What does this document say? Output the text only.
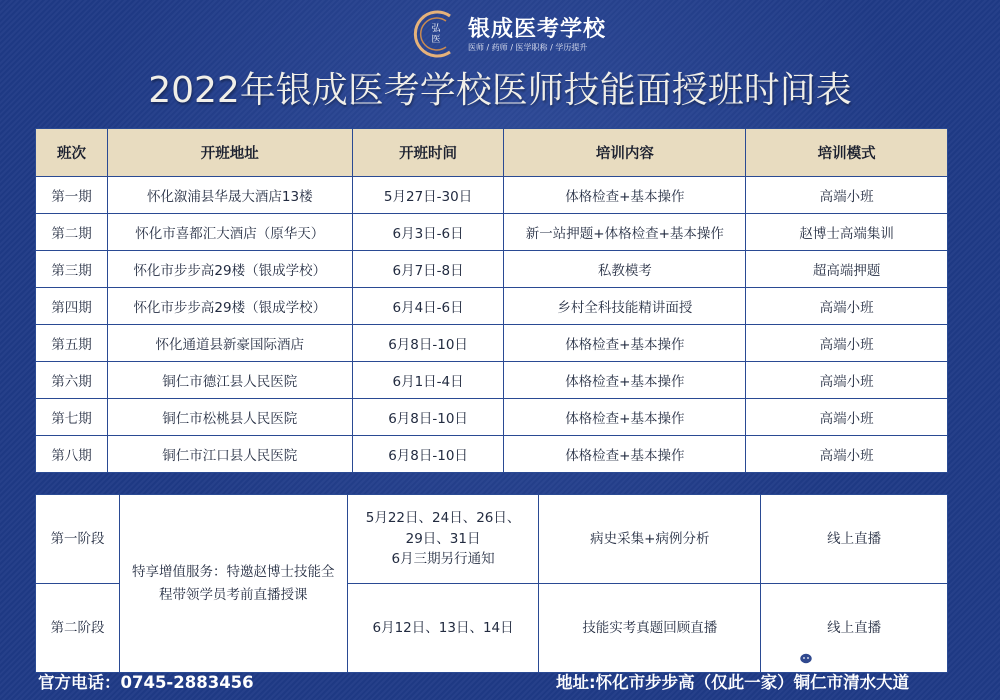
弘
医 银成医考学校
医师 / 药师 / 医学职称 / 学历提升
2022年银成医考学校医师技能面授班时间表
班次	开班地址	开班时间	培训内容	培训模式
第一期	怀化溆浦县华晟大酒店13楼	5月27日-30日	体格检查+基本操作	高端小班
第二期	怀化市喜都汇大酒店（原华天）	6月3日-6日	新一站押题+体格检查+基本操作	赵博士高端集训
第三期	怀化市步步高29楼（银成学校）	6月7日-8日	私教模考	超高端押题
第四期	怀化市步步高29楼（银成学校）	6月4日-6日	乡村全科技能精讲面授	高端小班
第五期	怀化通道县新豪国际酒店	6月8日-10日	体格检查+基本操作	高端小班
第六期	铜仁市德江县人民医院	6月1日-4日	体格检查+基本操作	高端小班
第七期	铜仁市松桃县人民医院	6月8日-10日	体格检查+基本操作	高端小班
第八期	铜仁市江口县人民医院	6月8日-10日	体格检查+基本操作	高端小班
第一阶段	特享增值服务：特邀赵博士技能全程带领学员考前直播授课	5月22日、24日、26日、
29日、31日
6月三期另行通知	病史采集+病例分析	线上直播
第二阶段		6月12日、13日、14日	技能实考真题回顾直播	线上直播
官方电话：0745-2883456	地址:怀化市步步高（仅此一家）铜仁市清水大道
银成医学在线
